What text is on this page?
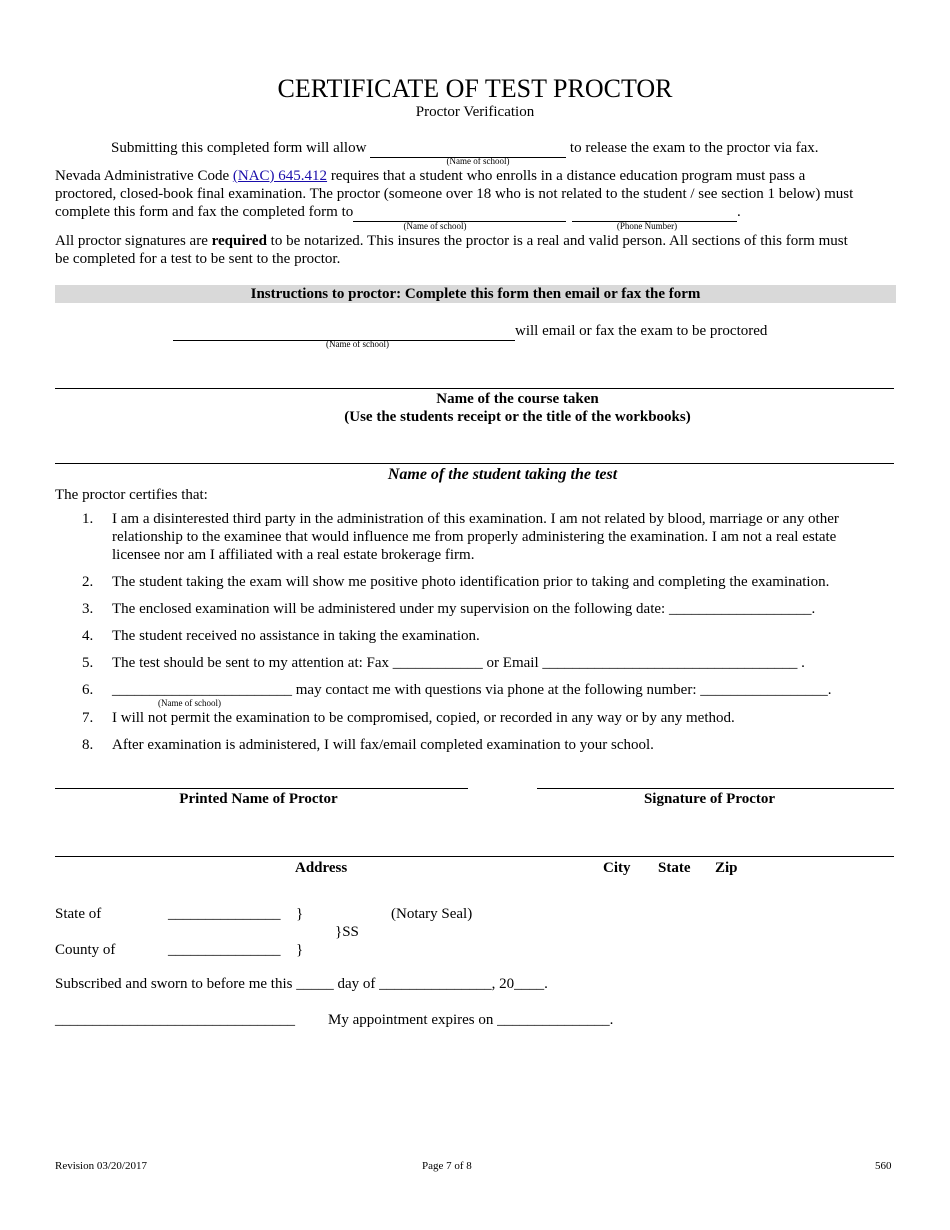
CERTIFICATE OF TEST PROCTOR
Proctor Verification
Submitting this completed form will allow	to release the exam to the proctor via fax.
(Name of school)
Nevada Administrative Code (NAC) 645.412 requires that a student who enrolls in a distance education program must pass a
proctored, closed-book final examination. The proctor (someone over 18 who is not related to the student / see section 1 below) must
complete this form and fax the completed form to	.
(Name of school)	(Phone Number)
All proctor signatures are required to be notarized. This insures the proctor is a real and valid person. All sections of this form must
be completed for a test to be sent to the proctor.
Instructions to proctor: Complete this form then email or fax the form
will email or fax the exam to be proctored
(Name of school)
Name of the course taken
(Use the students receipt or the title of the workbooks)
Name of the student taking the test
The proctor certifies that:
1.	I am a disinterested third party in the administration of this examination. I am not related by blood, marriage or any other relationship to the examinee that would influence me from properly administering the examination. I am not a real estate licensee nor am I affiliated with a real estate brokerage firm.
2.	The student taking the exam will show me positive photo identification prior to taking and completing the examination.
3.	The enclosed examination will be administered under my supervision on the following date: ___________________.
4.	The student received no assistance in taking the examination.
5.	The test should be sent to my attention at: Fax ____________ or Email __________________________________ .
6.	________________________ may contact me with questions via phone at the following number: _________________.
(Name of school)
7.	I will not permit the examination to be compromised, copied, or recorded in any way or by any method.
8.	After examination is administered, I will fax/email completed examination to your school.
Printed Name of Proctor	Signature of Proctor
Address	City State Zip
State of	_______________ }	(Notary Seal)
}SS
County of	_______________ }
Subscribed and sworn to before me this _____ day of _______________, 20____.
________________________________ My appointment expires on _______________.
Revision 03/20/2017	Page 7 of 8	560
